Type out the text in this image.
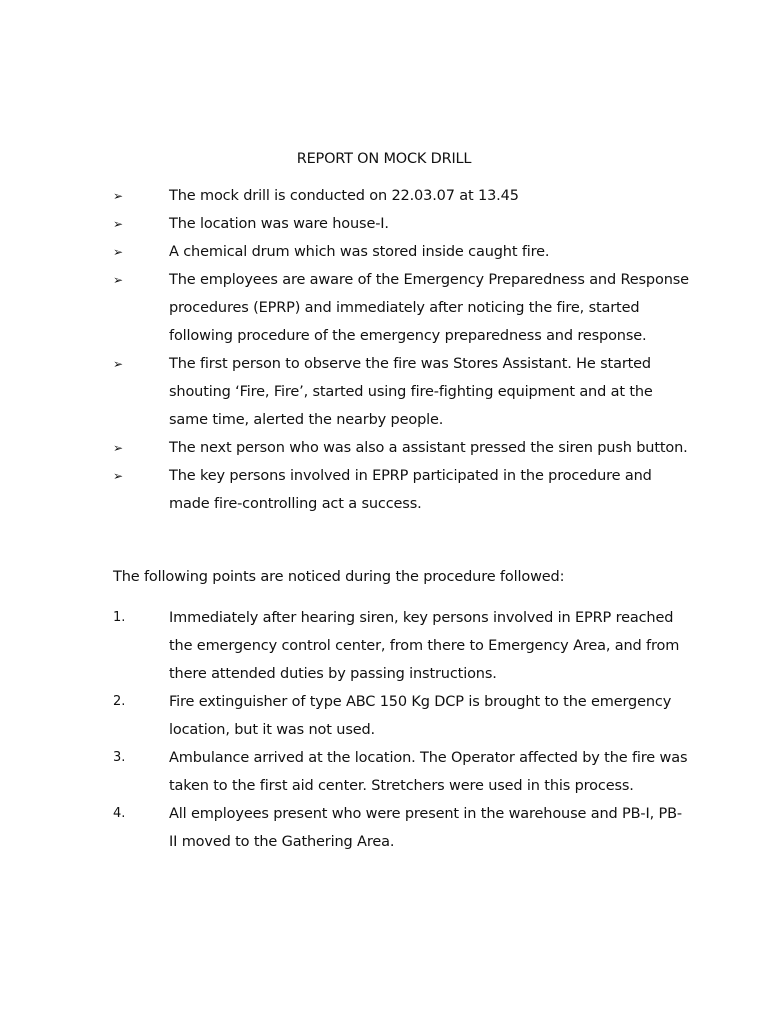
REPORT ON MOCK DRILL
➢	The mock drill is conducted on 22.03.07 at 13.45
➢	The location was ware house-I.
➢	A chemical drum which was stored inside caught fire.
➢	The employees are aware of the Emergency Preparedness and Response procedures (EPRP) and immediately after noticing the fire, started following procedure of the emergency preparedness and response.
➢	The first person to observe the fire was Stores Assistant. He started shouting ‘Fire, Fire’, started using fire-fighting equipment and at the same time, alerted the nearby people.
➢	The next person who was also a assistant pressed the siren push button.
➢	The key persons involved in EPRP participated in the procedure and made fire-controlling act a success.

The following points are noticed during the procedure followed:

1.	Immediately after hearing siren, key persons involved in EPRP reached the emergency control center, from there to Emergency Area, and from there attended duties by passing instructions.
2.	Fire extinguisher of type ABC 150 Kg DCP is brought to the emergency location, but it was not used.
3.	Ambulance arrived at the location. The Operator affected by the fire was taken to the first aid center. Stretchers were used in this process.
4.	All employees present who were present in the warehouse and PB-I, PB-II moved to the Gathering Area.
